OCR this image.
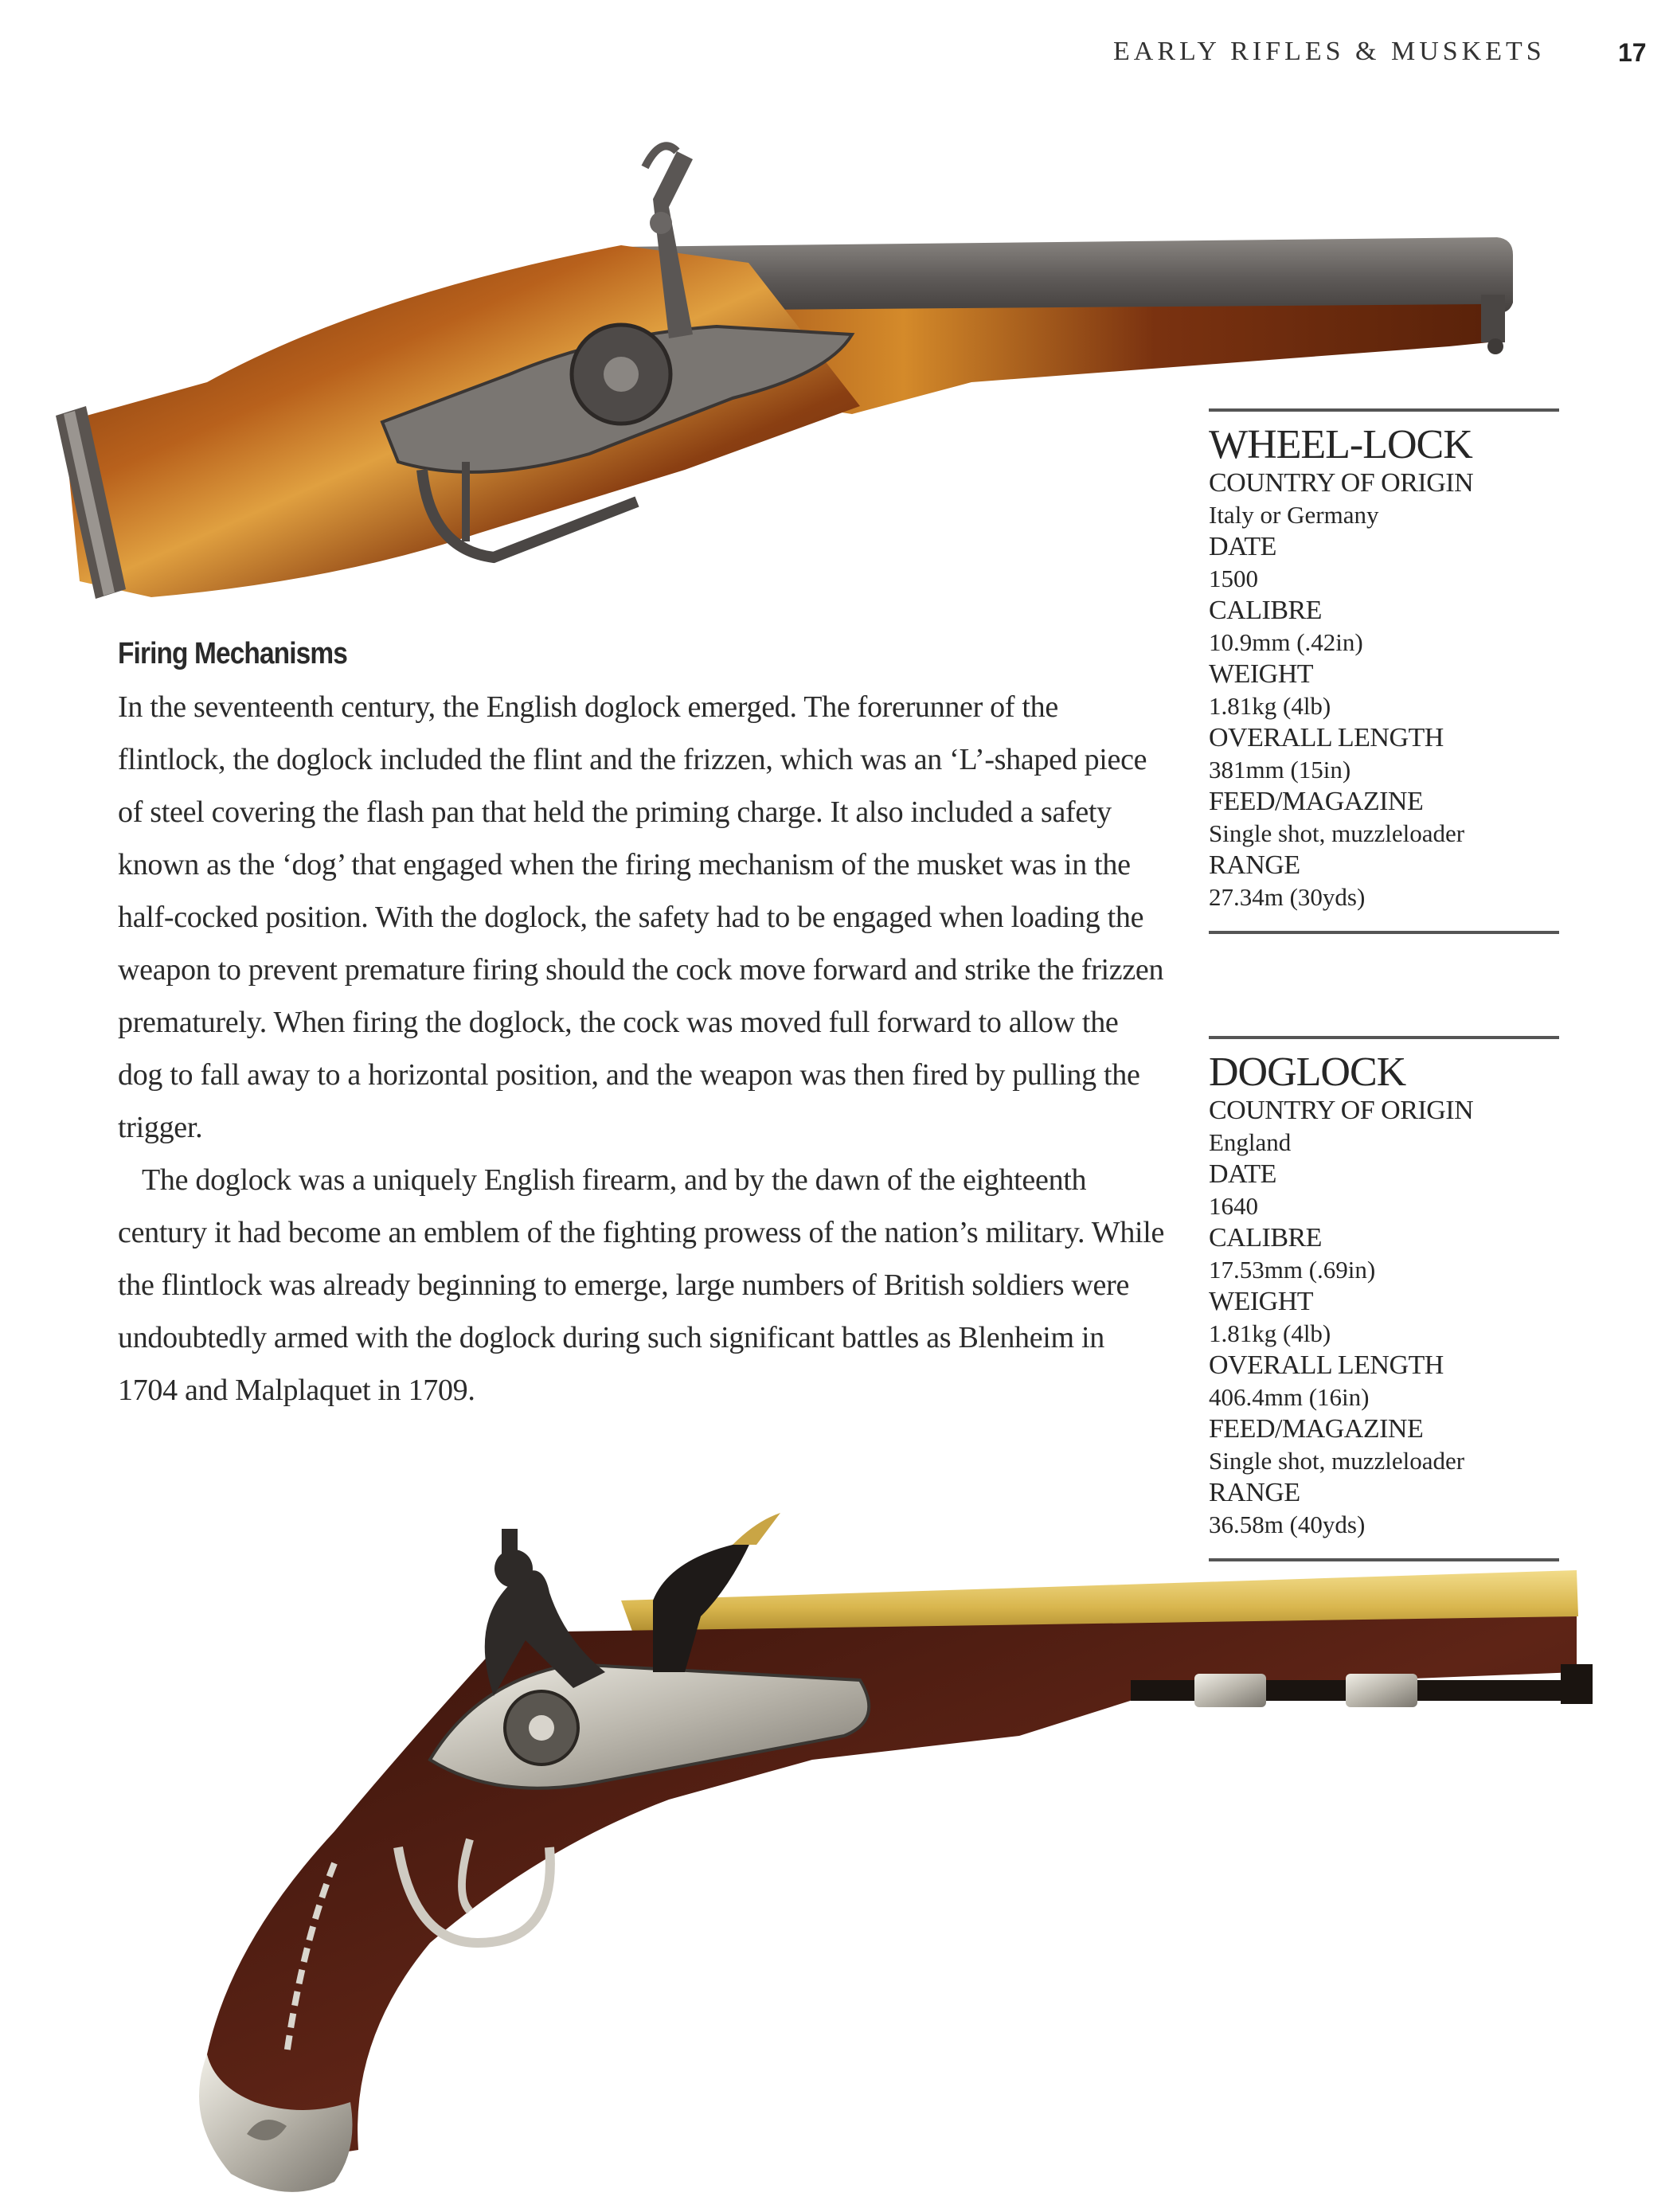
EARLY RIFLES & MUSKETS	17
Firing Mechanisms

In the seventeenth century, the English doglock emerged. The forerunner of the flintlock, the doglock included the flint and the frizzen, which was an ‘L’-shaped piece of steel covering the flash pan that held the priming charge. It also included a safety known as the ‘dog’ that engaged when the firing mechanism of the musket was in the half-cocked position. With the doglock, the safety had to be engaged when loading the weapon to prevent premature firing should the cock move forward and strike the frizzen prematurely. When firing the doglock, the cock was moved full forward to allow the dog to fall away to a horizontal position, and the weapon was then fired by pulling the trigger.

The doglock was a uniquely English firearm, and by the dawn of the eighteenth century it had become an emblem of the fighting prowess of the nation’s military. While the flintlock was already beginning to emerge, large numbers of British soldiers were undoubtedly armed with the doglock during such significant battles as Blenheim in 1704 and Malplaquet in 1709.

WHEEL-LOCK
COUNTRY OF ORIGIN
Italy or Germany
DATE
1500
CALIBRE
10.9mm (.42in)
WEIGHT
1.81kg (4lb)
OVERALL LENGTH
381mm (15in)
FEED/MAGAZINE
Single shot, muzzleloader
RANGE
27.34m (30yds)
DOGLOCK
COUNTRY OF ORIGIN
England
DATE
1640
CALIBRE
17.53mm (.69in)
WEIGHT
1.81kg (4lb)
OVERALL LENGTH
406.4mm (16in)
FEED/MAGAZINE
Single shot, muzzleloader
RANGE
36.58m (40yds)
